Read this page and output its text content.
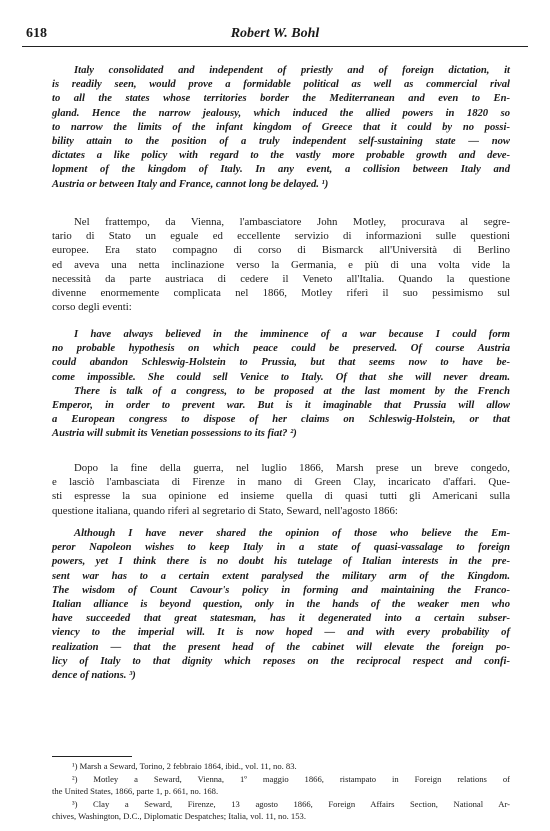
618	Robert W. Bohl
Italy consolidated and independent of priestly and of foreign dictation, it
is readily seen, would prove a formidable political as well as commercial rival
to all the states whose territories border the Mediterranean and even to En-
gland. Hence the narrow jealousy, which induced the allied powers in 1820 so
to narrow the limits of the infant kingdom of Greece that it could by no possi-
bility attain to the position of a truly independent self-sustaining state — now
dictates a like policy with regard to the vastly more probable growth and deve-
lopment of the kingdom of Italy. In any event, a collision between Italy and
Austria or between Italy and France, cannot long be delayed. ¹)
Nel frattempo, da Vienna, l'ambasciatore John Motley, procurava al segre-
tario di Stato un eguale ed eccellente servizio di informazioni sulle questioni
europee. Era stato compagno di corso di Bismarck all'Università di Berlino
ed aveva una netta inclinazione verso la Germania, e più di una volta vide la
necessità da parte austriaca di cedere il Veneto all'Italia. Quando la questione
divenne enormemente complicata nel 1866, Motley riferì il suo pessimismo sul
corso degli eventi:
I have always believed in the imminence of a war because I could form
no probable hypothesis on which peace could be preserved. Of course Austria
could abandon Schleswig-Holstein to Prussia, but that seems now to have be-
come impossible. She could sell Venice to Italy. Of that she will never dream.
There is talk of a congress, to be proposed at the last moment by the French
Emperor, in order to prevent war. But is it imaginable that Prussia will allow
a European congress to dispose of her claims on Schleswig-Holstein, or that
Austria will submit its Venetian possessions to its fiat? ²)
Dopo la fine della guerra, nel luglio 1866, Marsh prese un breve congedo,
e lasciò l'ambasciata di Firenze in mano di Green Clay, incaricato d'affari. Que-
sti espresse la sua opinione ed insieme quella di quasi tutti gli Americani sulla
questione italiana, quando riferì al segretario di Stato, Seward, nell'agosto 1866:
Although I have never shared the opinion of those who believe the Em-
peror Napoleon wishes to keep Italy in a state of quasi-vassalage to foreign
powers, yet I think there is no doubt his tutelage of Italian interests in the pre-
sent war has to a certain extent paralysed the military arm of the Kingdom.
The wisdom of Count Cavour's policy in forming and maintaining the Franco-
Italian alliance is beyond question, only in the hands of the weaker men who
have succeeded that great statesman, has it degenerated into a certain subser-
viency to the imperial will. It is now hoped — and with every probability of
realization — that the present head of the cabinet will elevate the foreign po-
licy of Italy to that dignity which reposes on the reciprocal respect and confi-
dence of nations. ³)
¹) Marsh a Seward, Torino, 2 febbraio 1864, ibid., vol. 11, no. 83.
²) Motley a Seward, Vienna, 1º maggio 1866, ristampato in Foreign relations of
the United States, 1866, parte 1, p. 661, no. 168.
³) Clay a Seward, Firenze, 13 agosto 1866, Foreign Affairs Section, National Ar-
chives, Washington, D.C., Diplomatic Despatches; Italia, vol. 11, no. 153.
